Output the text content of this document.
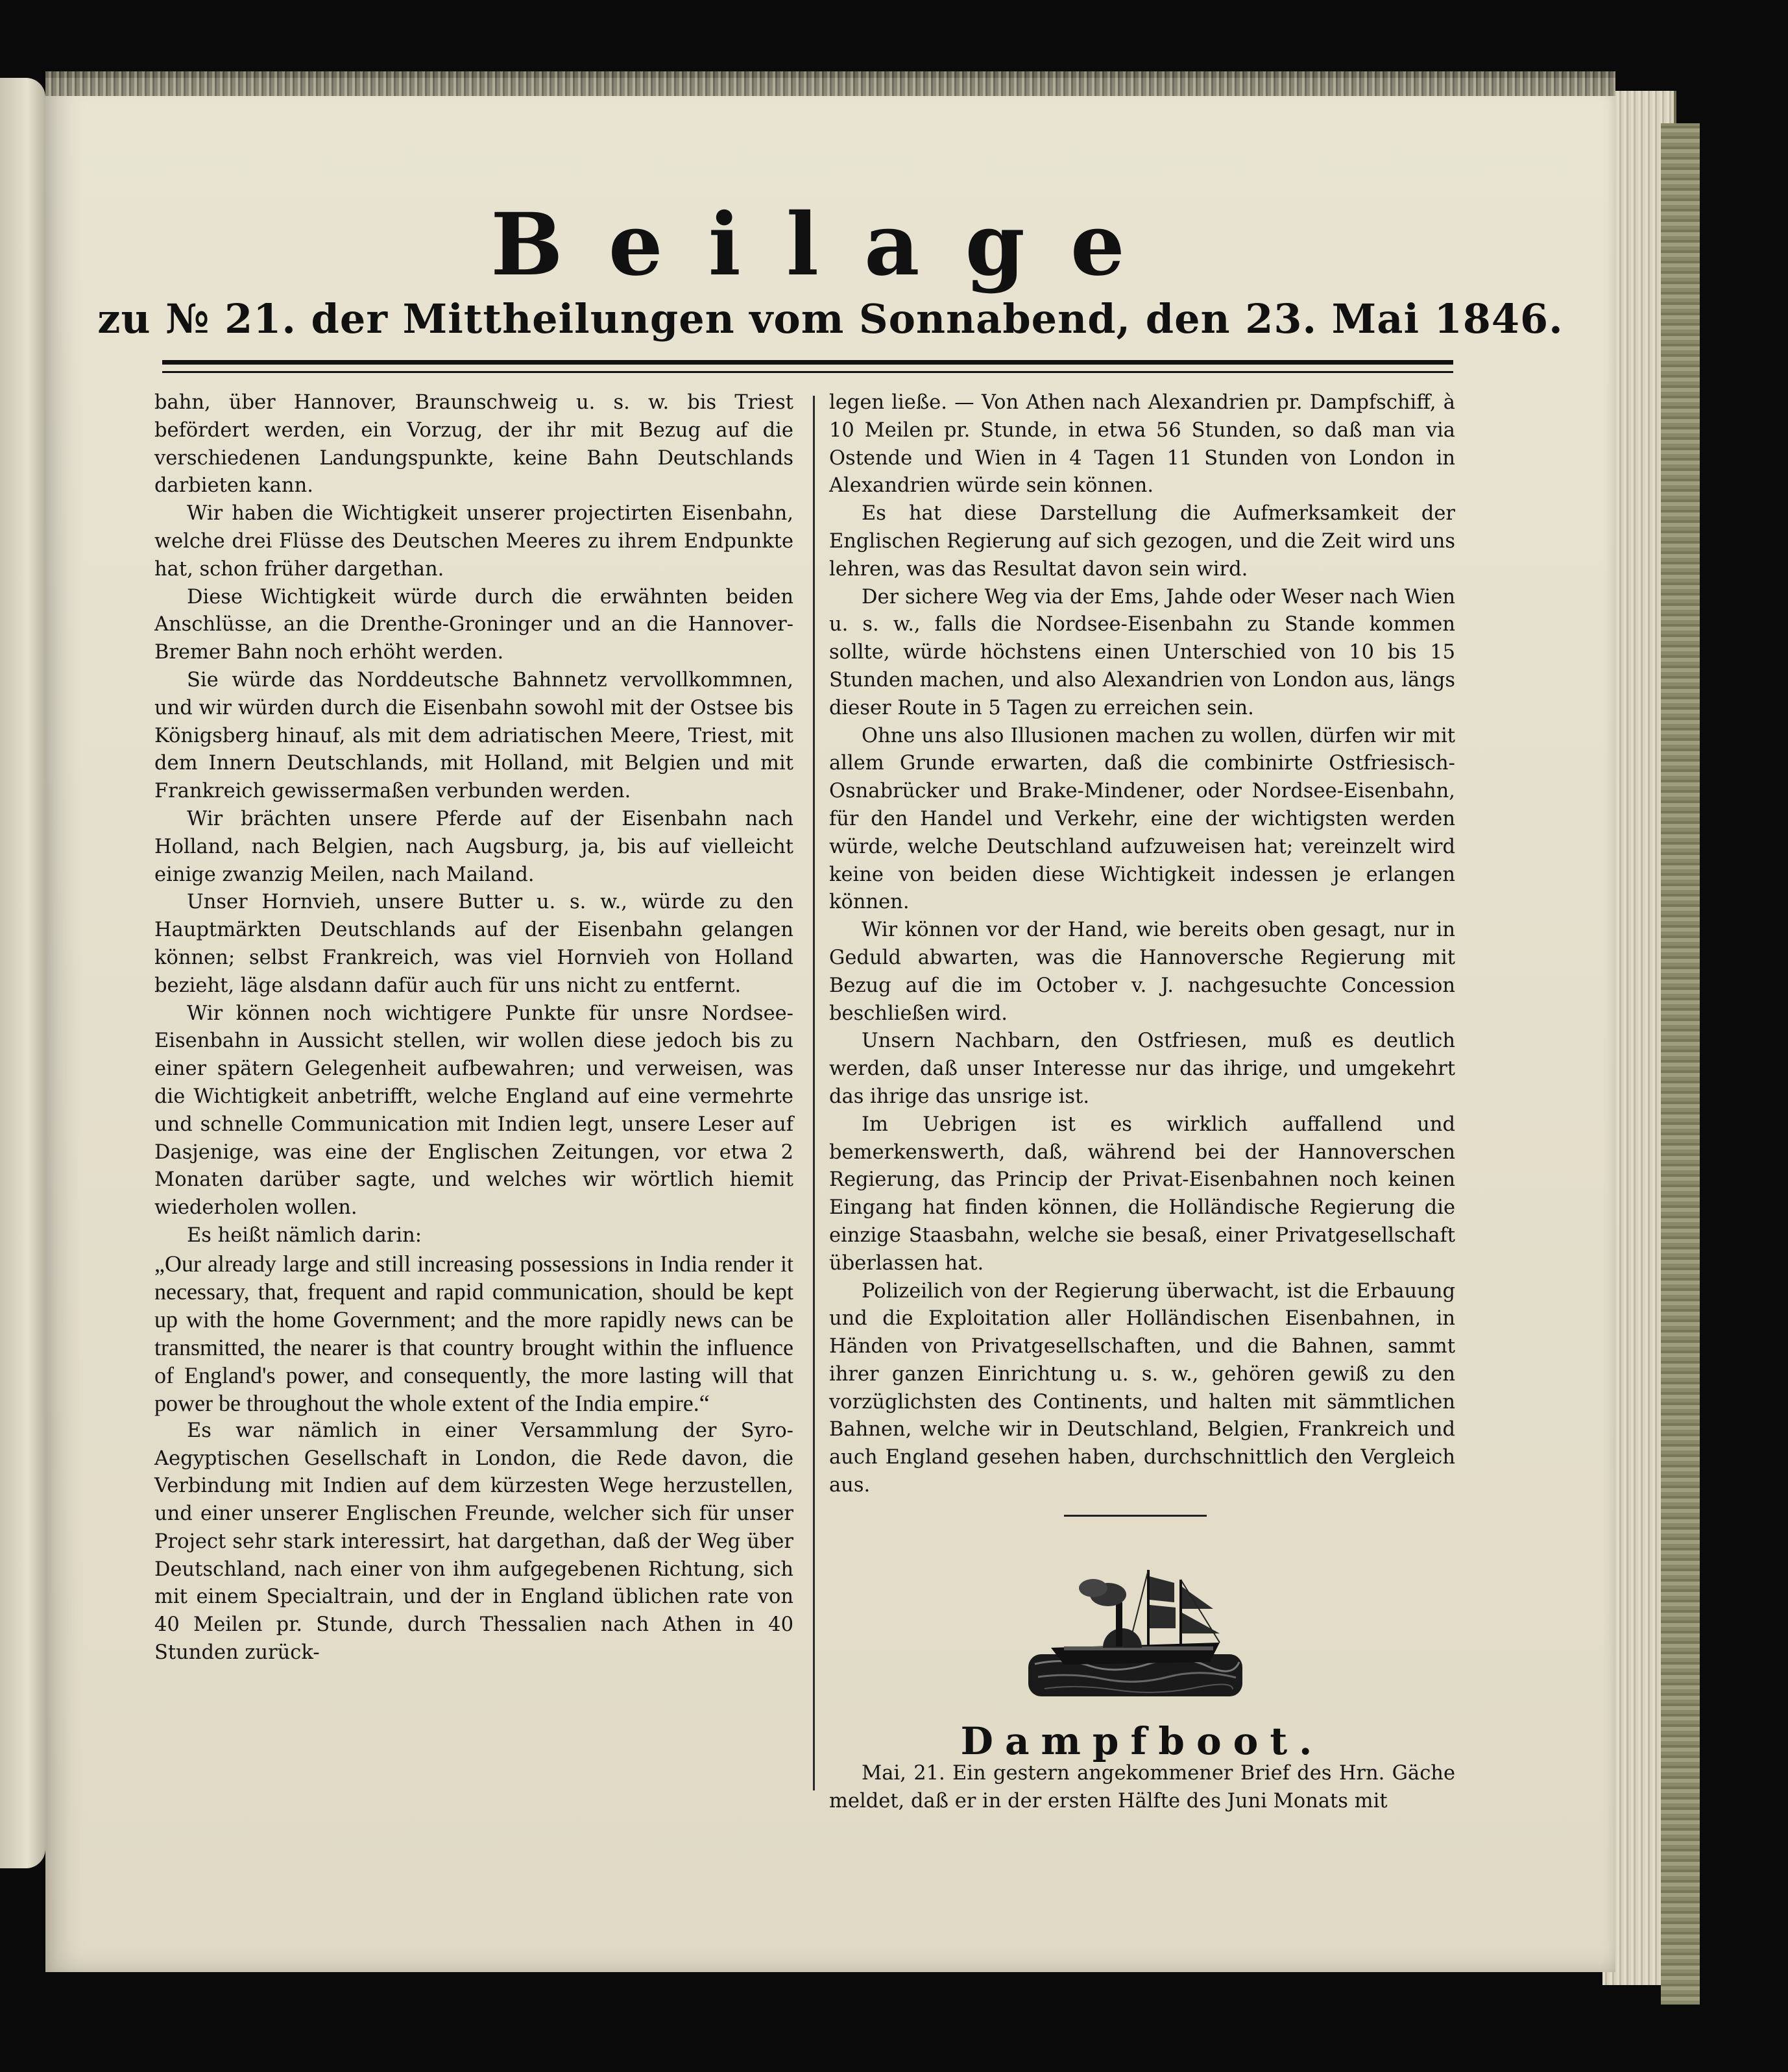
Beilage
zu № 21. der Mittheilungen vom Sonnabend, den 23. Mai 1846.

bahn, über Hannover, Braunschweig u. s. w. bis Triest befördert werden, ein Vorzug, der ihr mit Bezug auf die verschiedenen Landungspunkte, keine Bahn Deutschlands darbieten kann.

Wir haben die Wichtigkeit unserer projectirten Eisenbahn, welche drei Flüsse des Deutschen Meeres zu ihrem Endpunkte hat, schon früher dargethan.

Diese Wichtigkeit würde durch die erwähnten beiden Anschlüsse, an die Drenthe-Groninger und an die Hannover-Bremer Bahn noch erhöht werden.

Sie würde das Norddeutsche Bahnnetz vervollkommnen, und wir würden durch die Eisenbahn sowohl mit der Ostsee bis Königsberg hinauf, als mit dem adriatischen Meere, Triest, mit dem Innern Deutschlands, mit Holland, mit Belgien und mit Frankreich gewissermaßen verbunden werden.

Wir brächten unsere Pferde auf der Eisenbahn nach Holland, nach Belgien, nach Augsburg, ja, bis auf vielleicht einige zwanzig Meilen, nach Mailand.

Unser Hornvieh, unsere Butter u. s. w., würde zu den Hauptmärkten Deutschlands auf der Eisenbahn gelangen können; selbst Frankreich, was viel Hornvieh von Holland bezieht, läge alsdann dafür auch für uns nicht zu entfernt.

Wir können noch wichtigere Punkte für unsre Nordsee-Eisenbahn in Aussicht stellen, wir wollen diese jedoch bis zu einer spätern Gelegenheit aufbewahren; und verweisen, was die Wichtigkeit anbetrifft, welche England auf eine vermehrte und schnelle Communication mit Indien legt, unsere Leser auf Dasjenige, was eine der Englischen Zeitungen, vor etwa 2 Monaten darüber sagte, und welches wir wörtlich hiemit wiederholen wollen.

Es heißt nämlich darin:

„Our already large and still increasing possessions in India render it necessary, that, frequent and rapid communication, should be kept up with the home Government; and the more rapidly news can be transmitted, the nearer is that country brought within the influence of England's power, and consequently, the more lasting will that power be throughout the whole extent of the India empire.“

Es war nämlich in einer Versammlung der Syro-Aegyptischen Gesellschaft in London, die Rede davon, die Verbindung mit Indien auf dem kürzesten Wege herzustellen, und einer unserer Englischen Freunde, welcher sich für unser Project sehr stark interessirt, hat dargethan, daß der Weg über Deutschland, nach einer von ihm aufgegebenen Richtung, sich mit einem Specialtrain, und der in England üblichen rate von 40 Meilen pr. Stunde, durch Thessalien nach Athen in 40 Stunden zurück-

legen ließe. — Von Athen nach Alexandrien pr. Dampfschiff, à 10 Meilen pr. Stunde, in etwa 56 Stunden, so daß man via Ostende und Wien in 4 Tagen 11 Stunden von London in Alexandrien würde sein können.

Es hat diese Darstellung die Aufmerksamkeit der Englischen Regierung auf sich gezogen, und die Zeit wird uns lehren, was das Resultat davon sein wird.

Der sichere Weg via der Ems, Jahde oder Weser nach Wien u. s. w., falls die Nordsee-Eisenbahn zu Stande kommen sollte, würde höchstens einen Unterschied von 10 bis 15 Stunden machen, und also Alexandrien von London aus, längs dieser Route in 5 Tagen zu erreichen sein.

Ohne uns also Illusionen machen zu wollen, dürfen wir mit allem Grunde erwarten, daß die combinirte Ostfriesisch-Osnabrücker und Brake-Mindener, oder Nordsee-Eisenbahn, für den Handel und Verkehr, eine der wichtigsten werden würde, welche Deutschland aufzuweisen hat; vereinzelt wird keine von beiden diese Wichtigkeit indessen je erlangen können.

Wir können vor der Hand, wie bereits oben gesagt, nur in Geduld abwarten, was die Hannoversche Regierung mit Bezug auf die im October v. J. nachgesuchte Concession beschließen wird.

Unsern Nachbarn, den Ostfriesen, muß es deutlich werden, daß unser Interesse nur das ihrige, und umgekehrt das ihrige das unsrige ist.

Im Uebrigen ist es wirklich auffallend und bemerkenswerth, daß, während bei der Hannoverschen Regierung, das Princip der Privat-Eisenbahnen noch keinen Eingang hat finden können, die Holländische Regierung die einzige Staasbahn, welche sie besaß, einer Privatgesellschaft überlassen hat.

Polizeilich von der Regierung überwacht, ist die Erbauung und die Exploitation aller Holländischen Eisenbahnen, in Händen von Privatgesellschaften, und die Bahnen, sammt ihrer ganzen Einrichtung u. s. w., gehören gewiß zu den vorzüglichsten des Continents, und halten mit sämmtlichen Bahnen, welche wir in Deutschland, Belgien, Frankreich und auch England gesehen haben, durchschnittlich den Vergleich aus.

Dampfboot.

Mai, 21. Ein gestern angekommener Brief des Hrn. Gäche meldet, daß er in der ersten Hälfte des Juni Monats mit
